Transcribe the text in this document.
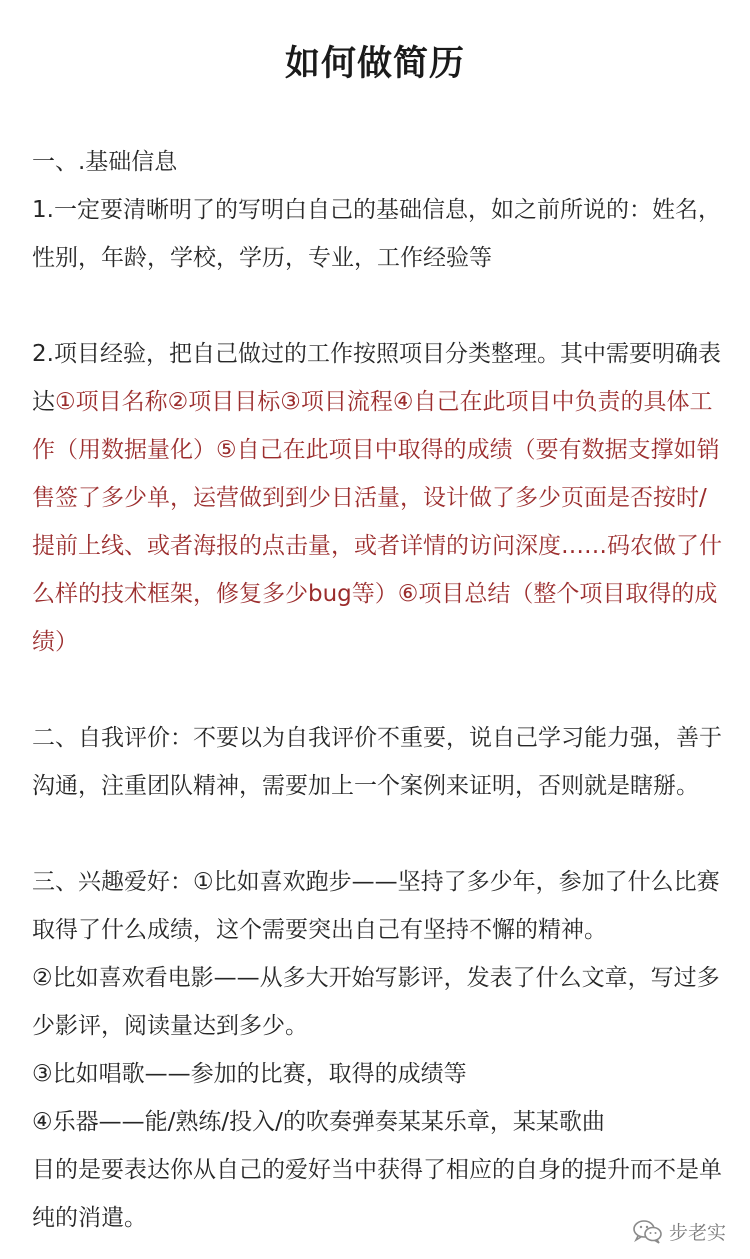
如何做简历

一、.基础信息

1.一定要清晰明了的写明白自己的基础信息，如之前所说的：姓名，性别，年龄，学校，学历，专业，工作经验等

2.项目经验，把自己做过的工作按照项目分类整理。其中需要明确表达①项目名称②项目目标③项目流程④自己在此项目中负责的具体工作（用数据量化）⑤自己在此项目中取得的成绩（要有数据支撑如销售签了多少单，运营做到到少日活量，设计做了多少页面是否按时/提前上线、或者海报的点击量，或者详情的访问深度……码农做了什么样的技术框架，修复多少bug等）⑥项目总结（整个项目取得的成绩）

二、自我评价：不要以为自我评价不重要，说自己学习能力强，善于沟通，注重团队精神，需要加上一个案例来证明，否则就是瞎掰。

三、兴趣爱好：①比如喜欢跑步——坚持了多少年，参加了什么比赛取得了什么成绩，这个需要突出自己有坚持不懈的精神。

②比如喜欢看电影——从多大开始写影评，发表了什么文章，写过多少影评，阅读量达到多少。

③比如唱歌——参加的比赛，取得的成绩等

④乐器——能/熟练/投入/的吹奏弹奏某某乐章，某某歌曲

目的是要表达你从自己的爱好当中获得了相应的自身的提升而不是单纯的消遣。

步老实
